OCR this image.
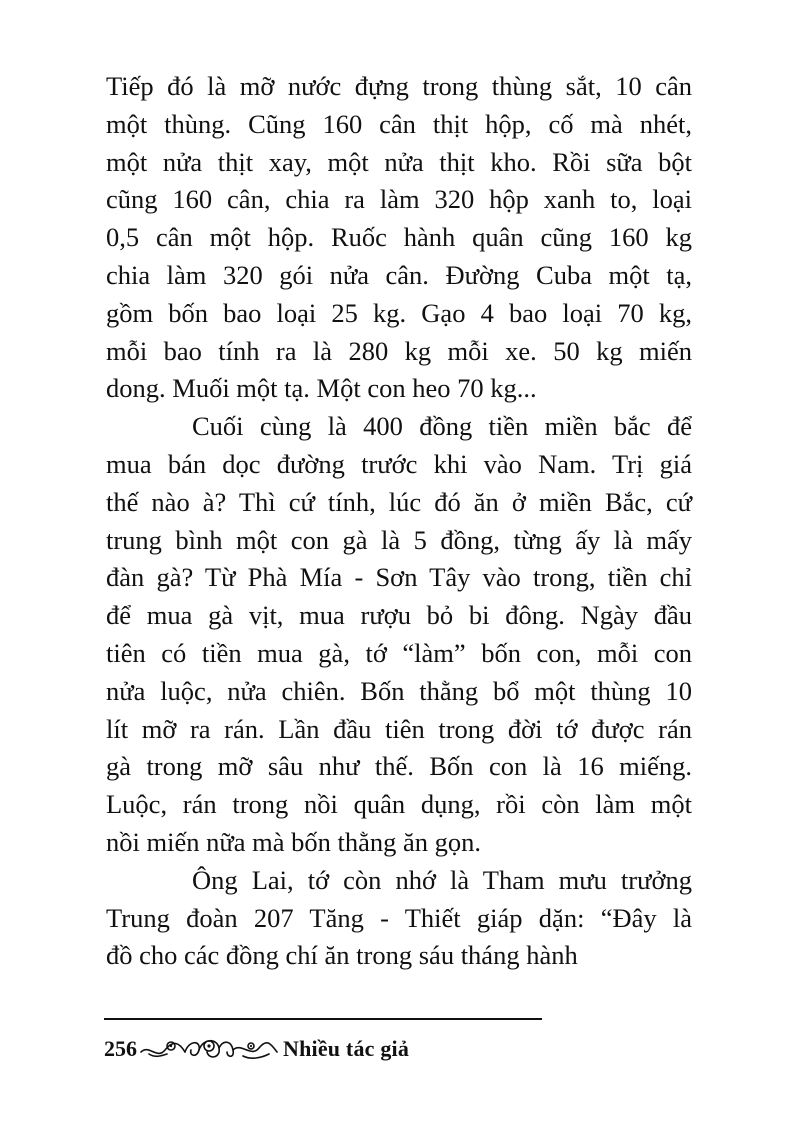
Tiếp đó là mỡ nước đựng trong thùng sắt, 10 cân
một thùng. Cũng 160 cân thịt hộp, cố mà nhét,
một nửa thịt xay, một nửa thịt kho. Rồi sữa bột
cũng 160 cân, chia ra làm 320 hộp xanh to, loại
0,5 cân một hộp. Ruốc hành quân cũng 160 kg
chia làm 320 gói nửa cân. Đường Cuba một tạ,
gồm bốn bao loại 25 kg. Gạo 4 bao loại 70 kg,
mỗi bao tính ra là 280 kg mỗi xe. 50 kg miến
dong. Muối một tạ. Một con heo 70 kg...

Cuối cùng là 400 đồng tiền miền bắc để
mua bán dọc đường trước khi vào Nam. Trị giá
thế nào à? Thì cứ tính, lúc đó ăn ở miền Bắc, cứ
trung bình một con gà là 5 đồng, từng ấy là mấy
đàn gà? Từ Phà Mía - Sơn Tây vào trong, tiền chỉ
để mua gà vịt, mua rượu bỏ bi đông. Ngày đầu
tiên có tiền mua gà, tớ “làm” bốn con, mỗi con
nửa luộc, nửa chiên. Bốn thằng bổ một thùng 10
lít mỡ ra rán. Lần đầu tiên trong đời tớ được rán
gà trong mỡ sâu như thế. Bốn con là 16 miếng.
Luộc, rán trong nồi quân dụng, rồi còn làm một
nồi miến nữa mà bốn thằng ăn gọn.

Ông Lai, tớ còn nhớ là Tham mưu trưởng
Trung đoàn 207 Tăng - Thiết giáp dặn: “Đây là
đồ cho các đồng chí ăn trong sáu tháng hành

256	Nhiều tác giả
